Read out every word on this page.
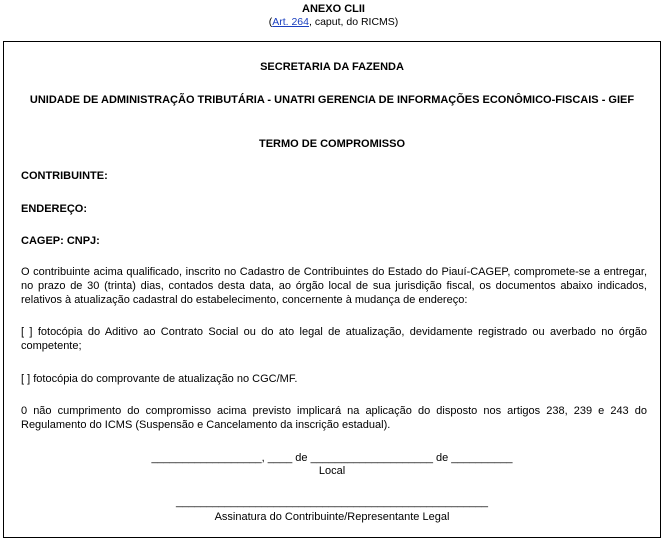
ANEXO CLII
(Art. 264, caput, do RICMS)
SECRETARIA DA FAZENDA
UNIDADE DE ADMINISTRAÇÃO TRIBUTÁRIA - UNATRI GERENCIA DE INFORMAÇÕES ECONÔMICO-FISCAIS - GIEF
TERMO DE COMPROMISSO
CONTRIBUINTE:
ENDEREÇO:
CAGEP: CNPJ:
O contribuinte acima qualificado, inscrito no Cadastro de Contribuintes do Estado do Piauí-CAGEP, compromete-se a entregar, no prazo de 30 (trinta) dias, contados desta data, ao órgão local de sua jurisdição fiscal, os documentos abaixo indicados, relativos à atualização cadastral do estabelecimento, concernente à mudança de endereço:
[ ] fotocópia do Aditivo ao Contrato Social ou do ato legal de atualização, devidamente registrado ou averbado no órgão competente;
[ ] fotocópia do comprovante de atualização no CGC/MF.
0 não cumprimento do compromisso acima previsto implicará na aplicação do disposto nos artigos 238, 239 e 243 do Regulamento do ICMS (Suspensão e Cancelamento da inscrição estadual).
__________________, ____ de ____________________ de __________
Local
___________________________________________________
Assinatura do Contribuinte/Representante Legal
